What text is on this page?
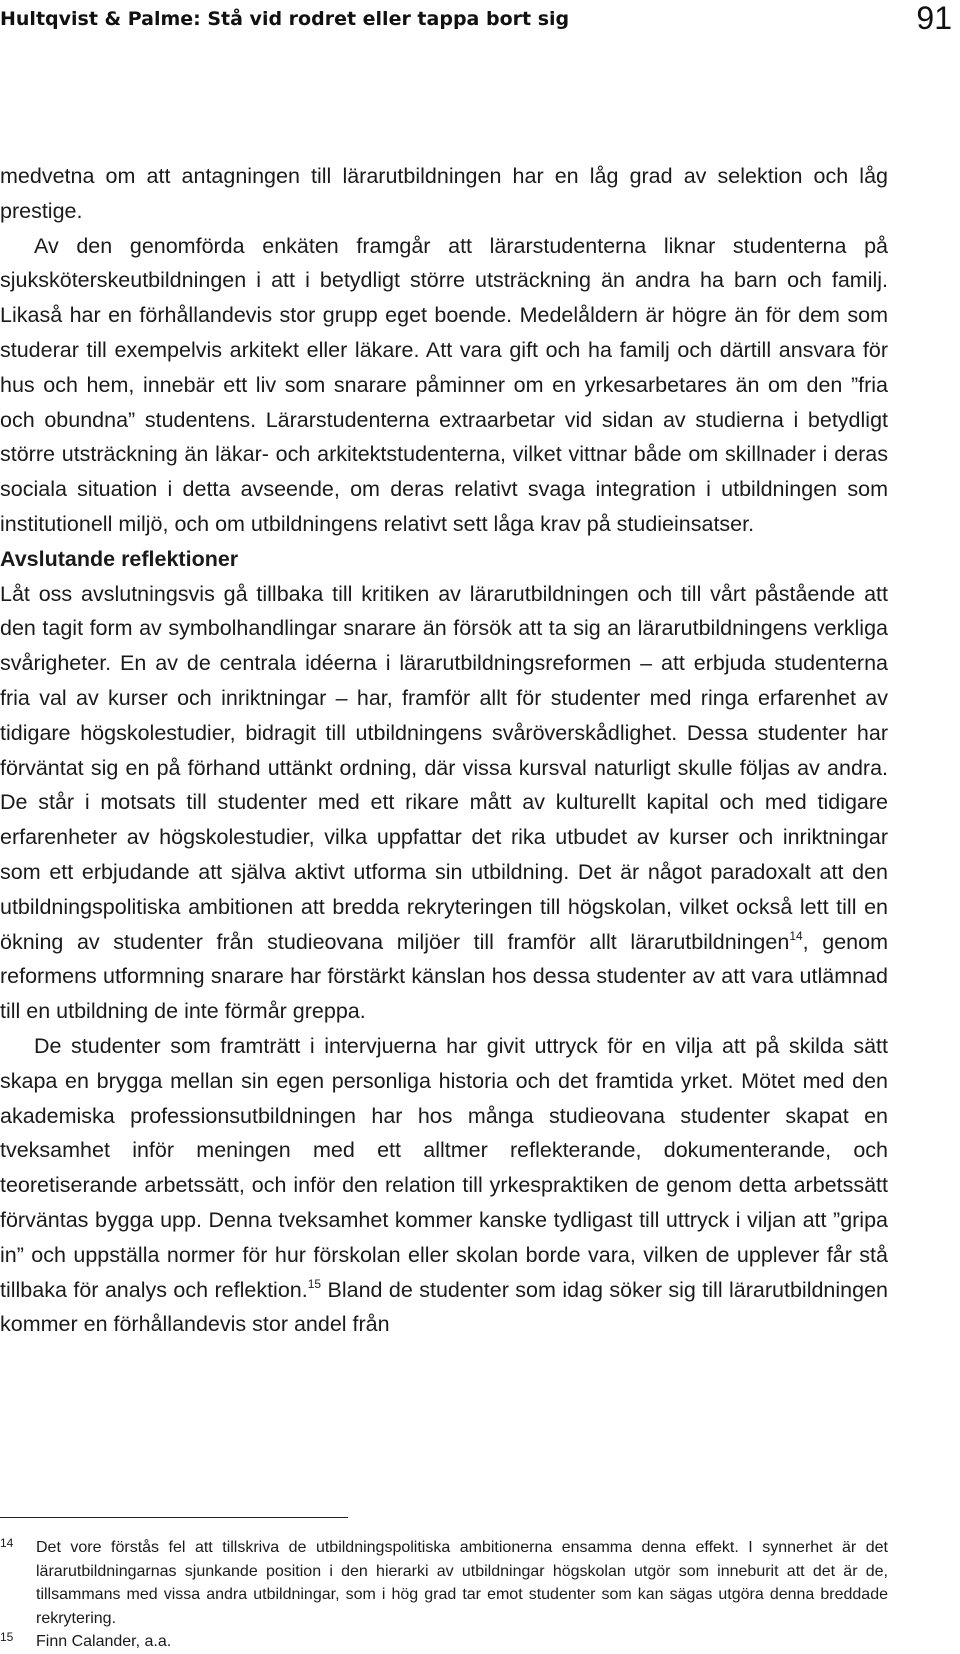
Hultqvist & Palme: Stå vid rodret eller tappa bort sig	91

medvetna om att antagningen till lärarutbildningen har en låg grad av selektion och låg prestige.

Av den genomförda enkäten framgår att lärarstudenterna liknar studenterna på sjuksköterskeutbildningen i att i betydligt större utsträckning än andra ha barn och familj. Likaså har en förhållandevis stor grupp eget boende. Medelåldern är högre än för dem som studerar till exempelvis arkitekt eller läkare. Att vara gift och ha familj och därtill ansvara för hus och hem, innebär ett liv som snarare påminner om en yrkesarbetares än om den ”fria och obundna” studentens. Lärarstudenterna extraarbetar vid sidan av studierna i betydligt större utsträckning än läkar- och arkitektstudenterna, vilket vittnar både om skillnader i deras sociala situation i detta avseende, om deras relativt svaga integration i utbildningen som institutionell miljö, och om utbildningens relativt sett låga krav på studieinsatser.

Avslutande reflektioner

Låt oss avslutningsvis gå tillbaka till kritiken av lärarutbildningen och till vårt påstående att den tagit form av symbolhandlingar snarare än försök att ta sig an lärarutbildningens verkliga svårigheter. En av de centrala idéerna i lärarutbildningsreformen – att erbjuda studenterna fria val av kurser och inriktningar – har, framför allt för studenter med ringa erfarenhet av tidigare högskolestudier, bidragit till utbildningens svåröverskådlighet. Dessa studenter har förväntat sig en på förhand uttänkt ordning, där vissa kursval naturligt skulle följas av andra. De står i motsats till studenter med ett rikare mått av kulturellt kapital och med tidigare erfarenheter av högskolestudier, vilka uppfattar det rika utbudet av kurser och inriktningar som ett erbjudande att själva aktivt utforma sin utbildning. Det är något paradoxalt att den utbildningspolitiska ambitionen att bredda rekryteringen till högskolan, vilket också lett till en ökning av studenter från studieovana miljöer till framför allt lärarutbildningen$^{14}$, genom reformens utformning snarare har förstärkt känslan hos dessa studenter av att vara utlämnad till en utbildning de inte förmår greppa.

De studenter som framträtt i intervjuerna har givit uttryck för en vilja att på skilda sätt skapa en brygga mellan sin egen personliga historia och det framtida yrket. Mötet med den akademiska professionsutbildningen har hos många studieovana studenter skapat en tveksamhet inför meningen med ett alltmer reflekterande, dokumenterande, och teoretiserande arbetssätt, och inför den relation till yrkespraktiken de genom detta arbetssätt förväntas bygga upp. Denna tveksamhet kommer kanske tydligast till uttryck i viljan att ”gripa in” och uppställa normer för hur förskolan eller skolan borde vara, vilken de upplever får stå tillbaka för analys och reflektion.$^{15}$ Bland de studenter som idag söker sig till lärarutbildningen kommer en förhållandevis stor andel från

14	Det vore förstås fel att tillskriva de utbildningspolitiska ambitionerna ensamma denna effekt. I synnerhet är det lärarutbildningarnas sjunkande position i den hierarki av utbildningar högskolan utgör som inneburit att det är de, tillsammans med vissa andra utbildningar, som i hög grad tar emot studenter som kan sägas utgöra denna breddade rekrytering.
15	Finn Calander, a.a.
